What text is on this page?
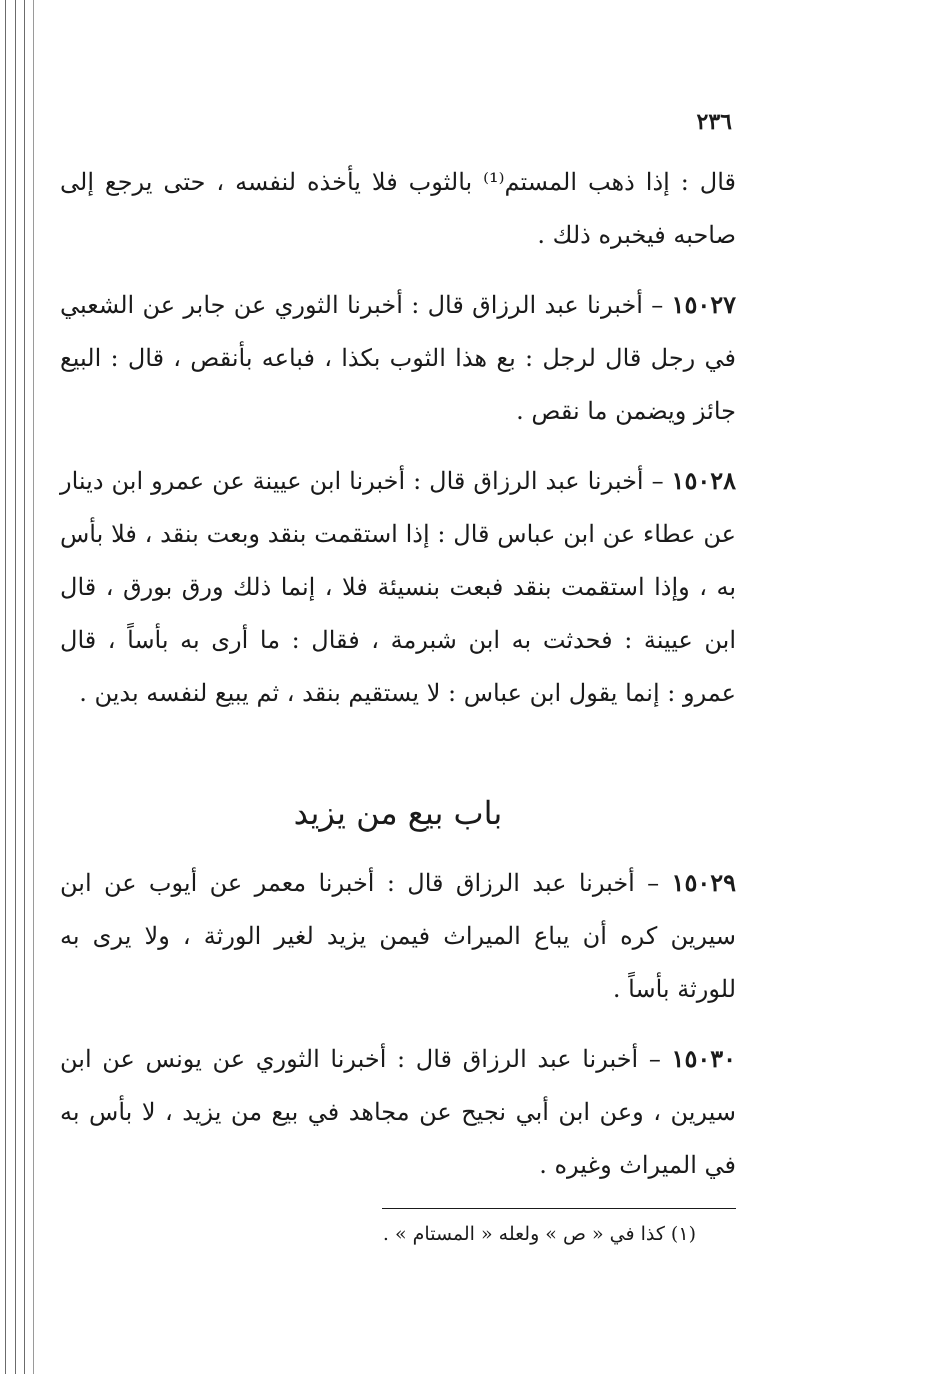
٢٣٦

قال : إذا ذهب المستم⁽¹⁾ بالثوب فلا يأخذه لنفسه ، حتى يرجع إلى صاحبه فيخبره ذلك .

١٥٠٢٧ – أخبرنا عبد الرزاق قال : أخبرنا الثوري عن جابر عن الشعبي في رجل قال لرجل : بع هذا الثوب بكذا ، فباعه بأنقص ، قال : البيع جائز ويضمن ما نقص .

١٥٠٢٨ – أخبرنا عبد الرزاق قال : أخبرنا ابن عيينة عن عمرو ابن دينار عن عطاء عن ابن عباس قال : إذا استقمت بنقد وبعت بنقد ، فلا بأس به ، وإذا استقمت بنقد فبعت بنسيئة فلا ، إنما ذلك ورق بورق ، قال ابن عيينة : فحدثت به ابن شبرمة ، فقال : ما أرى به بأساً ، قال عمرو : إنما يقول ابن عباس : لا يستقيم بنقد ، ثم يبيع لنفسه بدين .

باب بيع من يزيد

١٥٠٢٩ – أخبرنا عبد الرزاق قال : أخبرنا معمر عن أيوب عن ابن سيرين كره أن يباع الميراث فيمن يزيد لغير الورثة ، ولا يرى به للورثة بأساً .

١٥٠٣٠ – أخبرنا عبد الرزاق قال : أخبرنا الثوري عن يونس عن ابن سيرين ، وعن ابن أبي نجيح عن مجاهد في بيع من يزيد ، لا بأس به في الميراث وغيره .

(١) كذا في « ص » ولعله « المستام » .
